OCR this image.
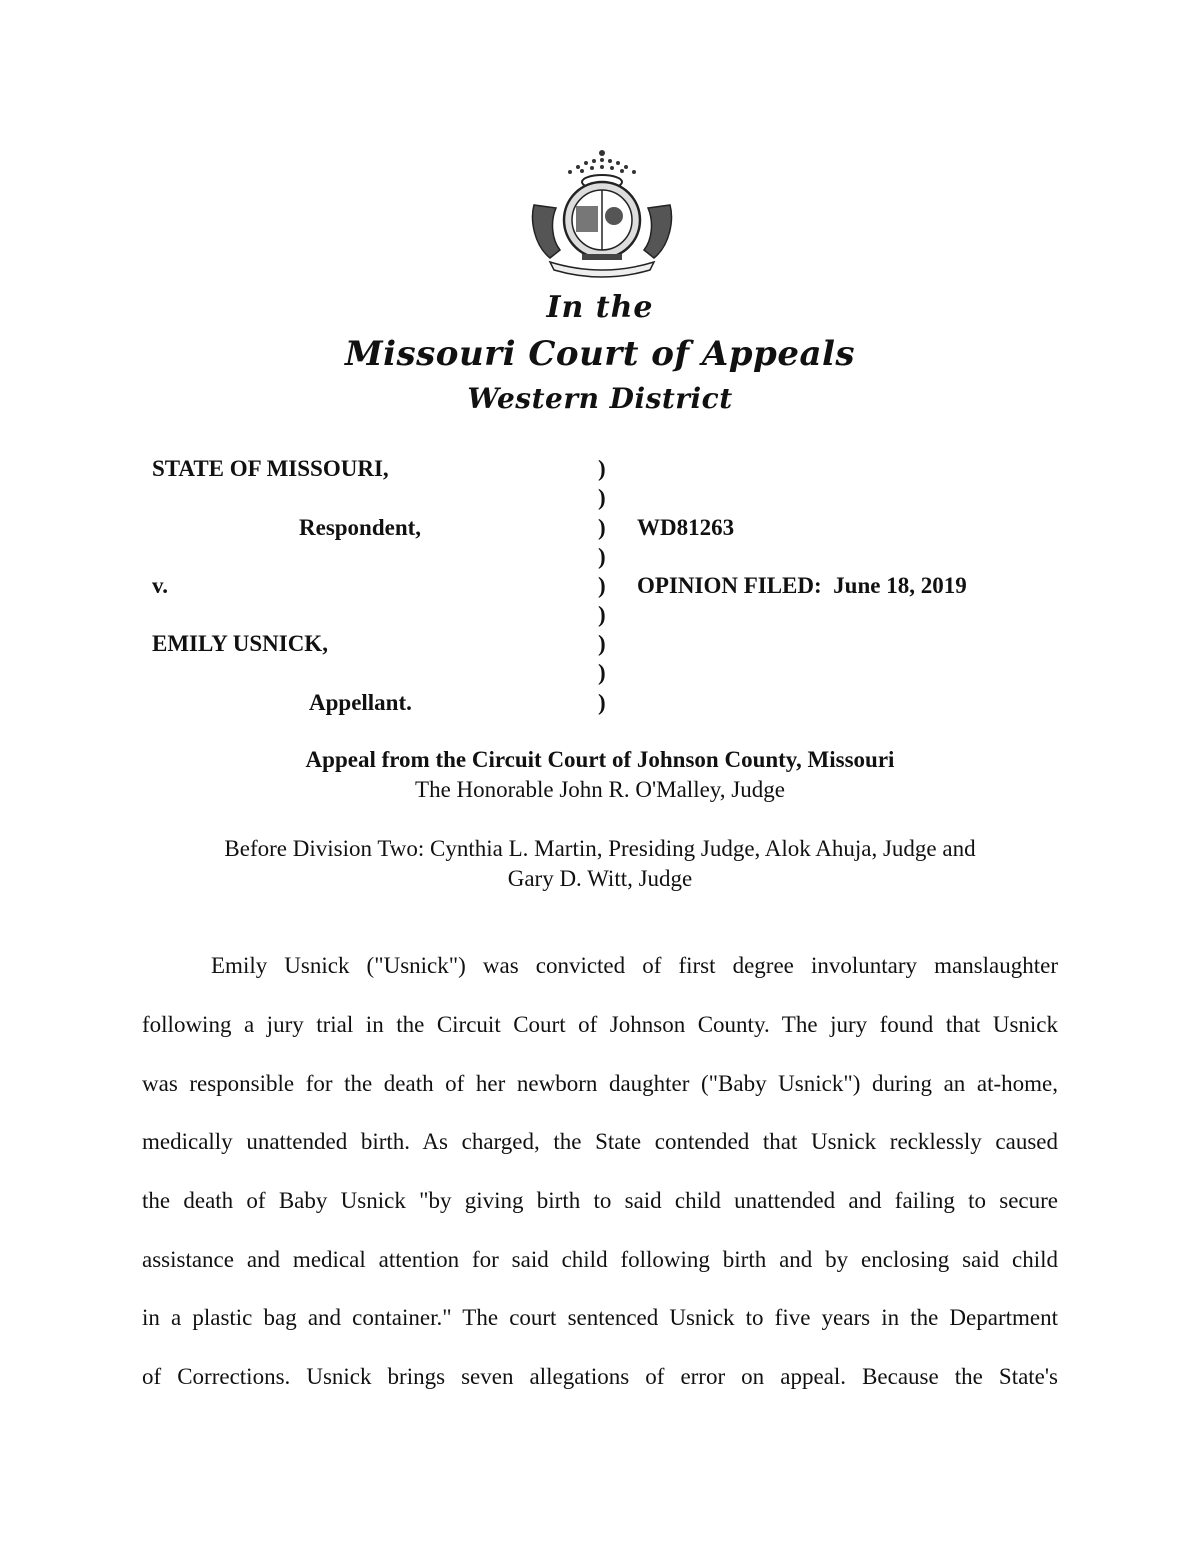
In the
Missouri Court of Appeals
Western District
STATE OF MISSOURI,
Respondent,
v.
EMILY USNICK,
Appellant.
)
)
)
)
)
)
)
)
)
WD81263
OPINION FILED: June 18, 2019
Appeal from the Circuit Court of Johnson County, Missouri
The Honorable John R. O'Malley, Judge
Before Division Two: Cynthia L. Martin, Presiding Judge, Alok Ahuja, Judge and
Gary D. Witt, Judge
Emily Usnick ("Usnick") was convicted of first degree involuntary manslaughter
following a jury trial in the Circuit Court of Johnson County. The jury found that Usnick
was responsible for the death of her newborn daughter ("Baby Usnick") during an at-home,
medically unattended birth. As charged, the State contended that Usnick recklessly caused
the death of Baby Usnick "by giving birth to said child unattended and failing to secure
assistance and medical attention for said child following birth and by enclosing said child
in a plastic bag and container." The court sentenced Usnick to five years in the Department
of Corrections. Usnick brings seven allegations of error on appeal. Because the State's
